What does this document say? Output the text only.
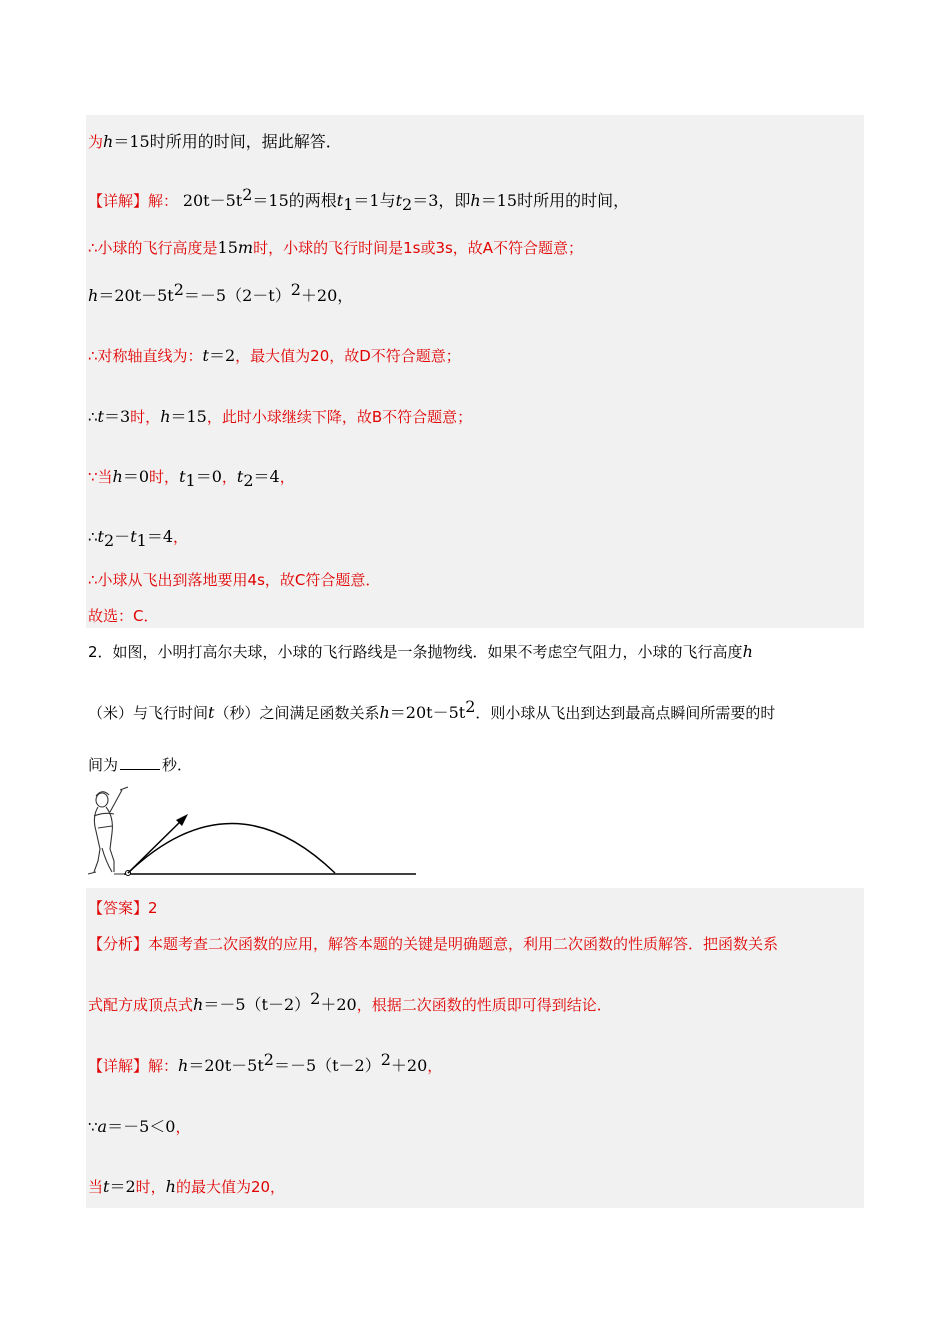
为h＝15时所用的时间，据此解答．
【详解】解： $20t-5t^2=15$的两根$t_1=1$与$t_2=3$，即h＝15时所用的时间，
∴小球的飞行高度是15m时，小球的飞行时间是1s或3s，故A不符合题意；
$h=20t-5t^2=-5(2-t)^2+20$，
∴对称轴直线为：t＝2，最大值为20，故D不符合题意；
∴t＝3时，h＝15，此时小球继续下降，故B不符合题意；
∵当h＝0时，$t_1=0$，$t_2=4$，
$\therefore t_2-t_1=4$，
∴小球从飞出到落地要用4s，故C符合题意．
故选：C．
2．如图，小明打高尔夫球，小球的飞行路线是一条抛物线．如果不考虑空气阻力，小球的飞行高度h
（米）与飞行时间t（秒）之间满足函数关系$h=20t-5t^2$．则小球从飞出到达到最高点瞬间所需要的时
间为	秒．
【答案】2
【分析】本题考查二次函数的应用，解答本题的关键是明确题意，利用二次函数的性质解答．把函数关系
式配方成顶点式$h=-5(t-2)^2+20$，根据二次函数的性质即可得到结论．
【详解】解：$h=20t-5t^2=-5(t-2)^2+20$，
∵a＝－5＜0，
当t＝2时，h的最大值为20，
